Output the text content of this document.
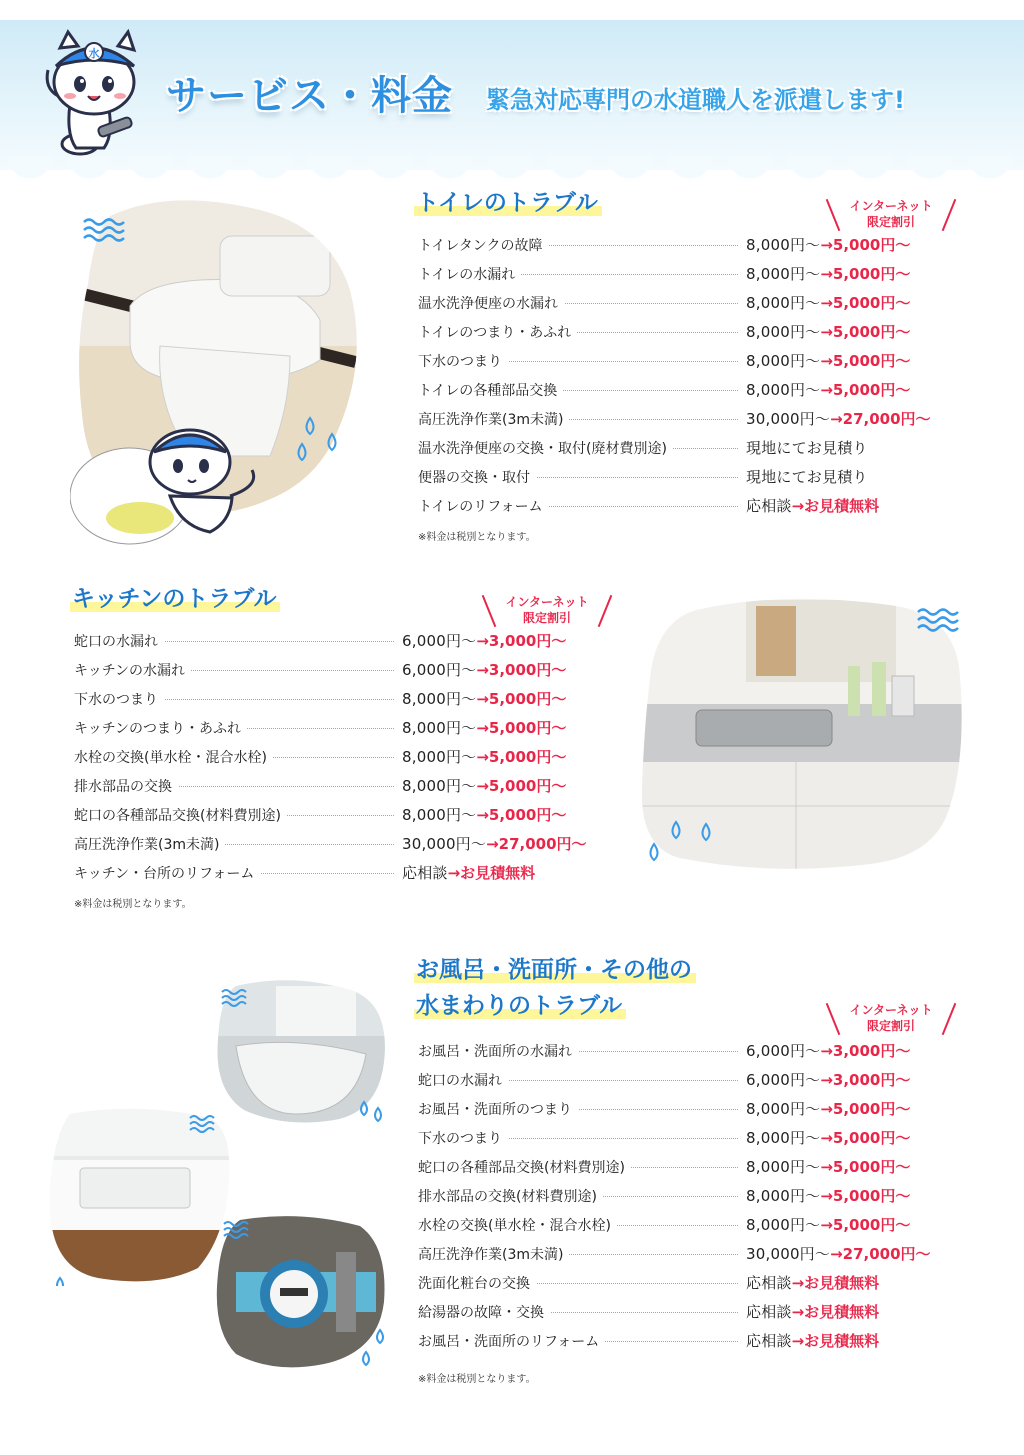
水
サービス・料金 緊急対応専門の水道職人を派遣します!
トイレのトラブル	インターネット
限定割引
トイレタンクの故障	8,000円〜→5,000円〜
トイレの水漏れ	8,000円〜→5,000円〜
温水洗浄便座の水漏れ	8,000円〜→5,000円〜
トイレのつまり・あふれ	8,000円〜→5,000円〜
下水のつまり	8,000円〜→5,000円〜
トイレの各種部品交換	8,000円〜→5,000円〜
高圧洗浄作業(3m未満)	30,000円〜→27,000円〜
温水洗浄便座の交換・取付(廃材費別途)	現地にてお見積り
便器の交換・取付	現地にてお見積り
トイレのリフォーム	応相談→お見積無料
※料金は税別となります。
キッチンのトラブル	インターネット
限定割引
蛇口の水漏れ	6,000円〜→3,000円〜
キッチンの水漏れ	6,000円〜→3,000円〜
下水のつまり	8,000円〜→5,000円〜
キッチンのつまり・あふれ	8,000円〜→5,000円〜
水栓の交換(単水栓・混合水栓)	8,000円〜→5,000円〜
排水部品の交換	8,000円〜→5,000円〜
蛇口の各種部品交換(材料費別途)	8,000円〜→5,000円〜
高圧洗浄作業(3m未満)	30,000円〜→27,000円〜
キッチン・台所のリフォーム	応相談→お見積無料
※料金は税別となります。
お風呂・洗面所・その他の
水まわりのトラブル	インターネット
限定割引
お風呂・洗面所の水漏れ	6,000円〜→3,000円〜
蛇口の水漏れ	6,000円〜→3,000円〜
お風呂・洗面所のつまり	8,000円〜→5,000円〜
下水のつまり	8,000円〜→5,000円〜
蛇口の各種部品交換(材料費別途)	8,000円〜→5,000円〜
排水部品の交換(材料費別途)	8,000円〜→5,000円〜
水栓の交換(単水栓・混合水栓)	8,000円〜→5,000円〜
高圧洗浄作業(3m未満)	30,000円〜→27,000円〜
洗面化粧台の交換	応相談→お見積無料
給湯器の故障・交換	応相談→お見積無料
お風呂・洗面所のリフォーム	応相談→お見積無料
※料金は税別となります。
